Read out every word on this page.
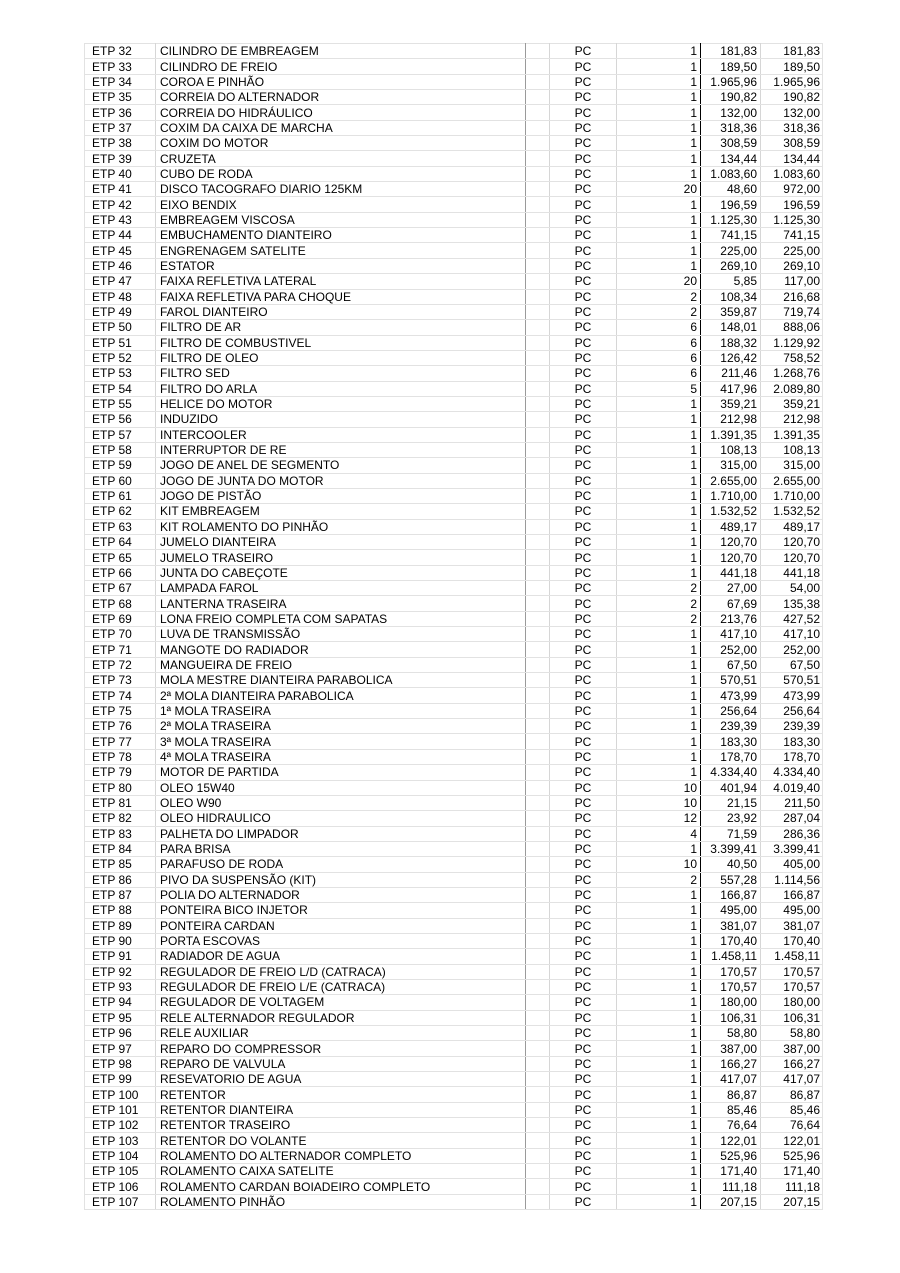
ETP 32	CILINDRO DE EMBREAGEM		PC	1	181,83	181,83
ETP 33	CILINDRO DE FREIO		PC	1	189,50	189,50
ETP 34	COROA E PINHÃO		PC	1	1.965,96	1.965,96
ETP 35	CORREIA DO ALTERNADOR		PC	1	190,82	190,82
ETP 36	CORREIA DO HIDRÁULICO		PC	1	132,00	132,00
ETP 37	COXIM DA CAIXA DE MARCHA		PC	1	318,36	318,36
ETP 38	COXIM DO MOTOR		PC	1	308,59	308,59
ETP 39	CRUZETA		PC	1	134,44	134,44
ETP 40	CUBO DE RODA		PC	1	1.083,60	1.083,60
ETP 41	DISCO TACOGRAFO DIARIO 125KM		PC	20	48,60	972,00
ETP 42	EIXO BENDIX		PC	1	196,59	196,59
ETP 43	EMBREAGEM VISCOSA		PC	1	1.125,30	1.125,30
ETP 44	EMBUCHAMENTO DIANTEIRO		PC	1	741,15	741,15
ETP 45	ENGRENAGEM SATELITE		PC	1	225,00	225,00
ETP 46	ESTATOR		PC	1	269,10	269,10
ETP 47	FAIXA REFLETIVA LATERAL		PC	20	5,85	117,00
ETP 48	FAIXA REFLETIVA PARA CHOQUE		PC	2	108,34	216,68
ETP 49	FAROL DIANTEIRO		PC	2	359,87	719,74
ETP 50	FILTRO DE AR		PC	6	148,01	888,06
ETP 51	FILTRO DE COMBUSTIVEL		PC	6	188,32	1.129,92
ETP 52	FILTRO DE OLEO		PC	6	126,42	758,52
ETP 53	FILTRO SED		PC	6	211,46	1.268,76
ETP 54	FILTRO DO ARLA		PC	5	417,96	2.089,80
ETP 55	HELICE DO MOTOR		PC	1	359,21	359,21
ETP 56	INDUZIDO		PC	1	212,98	212,98
ETP 57	INTERCOOLER		PC	1	1.391,35	1.391,35
ETP 58	INTERRUPTOR DE RE		PC	1	108,13	108,13
ETP 59	JOGO DE ANEL DE SEGMENTO		PC	1	315,00	315,00
ETP 60	JOGO DE JUNTA DO MOTOR		PC	1	2.655,00	2.655,00
ETP 61	JOGO DE PISTÃO		PC	1	1.710,00	1.710,00
ETP 62	KIT EMBREAGEM		PC	1	1.532,52	1.532,52
ETP 63	KIT ROLAMENTO DO PINHÃO		PC	1	489,17	489,17
ETP 64	JUMELO DIANTEIRA		PC	1	120,70	120,70
ETP 65	JUMELO TRASEIRO		PC	1	120,70	120,70
ETP 66	JUNTA DO CABEÇOTE		PC	1	441,18	441,18
ETP 67	LAMPADA FAROL		PC	2	27,00	54,00
ETP 68	LANTERNA TRASEIRA		PC	2	67,69	135,38
ETP 69	LONA FREIO COMPLETA COM SAPATAS		PC	2	213,76	427,52
ETP 70	LUVA DE TRANSMISSÃO		PC	1	417,10	417,10
ETP 71	MANGOTE DO RADIADOR		PC	1	252,00	252,00
ETP 72	MANGUEIRA DE FREIO		PC	1	67,50	67,50
ETP 73	MOLA MESTRE DIANTEIRA PARABOLICA		PC	1	570,51	570,51
ETP 74	2ª MOLA DIANTEIRA PARABOLICA		PC	1	473,99	473,99
ETP 75	1ª MOLA TRASEIRA		PC	1	256,64	256,64
ETP 76	2ª MOLA TRASEIRA		PC	1	239,39	239,39
ETP 77	3ª MOLA TRASEIRA		PC	1	183,30	183,30
ETP 78	4ª MOLA TRASEIRA		PC	1	178,70	178,70
ETP 79	MOTOR DE PARTIDA		PC	1	4.334,40	4.334,40
ETP 80	OLEO 15W40		PC	10	401,94	4.019,40
ETP 81	OLEO W90		PC	10	21,15	211,50
ETP 82	OLEO HIDRAULICO		PC	12	23,92	287,04
ETP 83	PALHETA DO LIMPADOR		PC	4	71,59	286,36
ETP 84	PARA BRISA		PC	1	3.399,41	3.399,41
ETP 85	PARAFUSO DE RODA		PC	10	40,50	405,00
ETP 86	PIVO DA SUSPENSÃO (KIT)		PC	2	557,28	1.114,56
ETP 87	POLIA DO ALTERNADOR		PC	1	166,87	166,87
ETP 88	PONTEIRA BICO INJETOR		PC	1	495,00	495,00
ETP 89	PONTEIRA CARDAN		PC	1	381,07	381,07
ETP 90	PORTA ESCOVAS		PC	1	170,40	170,40
ETP 91	RADIADOR DE AGUA		PC	1	1.458,11	1.458,11
ETP 92	REGULADOR DE FREIO L/D (CATRACA)		PC	1	170,57	170,57
ETP 93	REGULADOR DE FREIO L/E (CATRACA)		PC	1	170,57	170,57
ETP 94	REGULADOR DE VOLTAGEM		PC	1	180,00	180,00
ETP 95	RELE ALTERNADOR REGULADOR		PC	1	106,31	106,31
ETP 96	RELE AUXILIAR		PC	1	58,80	58,80
ETP 97	REPARO DO COMPRESSOR		PC	1	387,00	387,00
ETP 98	REPARO DE VALVULA		PC	1	166,27	166,27
ETP 99	RESEVATORIO DE AGUA		PC	1	417,07	417,07
ETP 100	RETENTOR		PC	1	86,87	86,87
ETP 101	RETENTOR DIANTEIRA		PC	1	85,46	85,46
ETP 102	RETENTOR TRASEIRO		PC	1	76,64	76,64
ETP 103	RETENTOR DO VOLANTE		PC	1	122,01	122,01
ETP 104	ROLAMENTO DO ALTERNADOR COMPLETO		PC	1	525,96	525,96
ETP 105	ROLAMENTO CAIXA SATELITE		PC	1	171,40	171,40
ETP 106	ROLAMENTO CARDAN BOIADEIRO COMPLETO		PC	1	111,18	111,18
ETP 107	ROLAMENTO PINHÃO		PC	1	207,15	207,15
